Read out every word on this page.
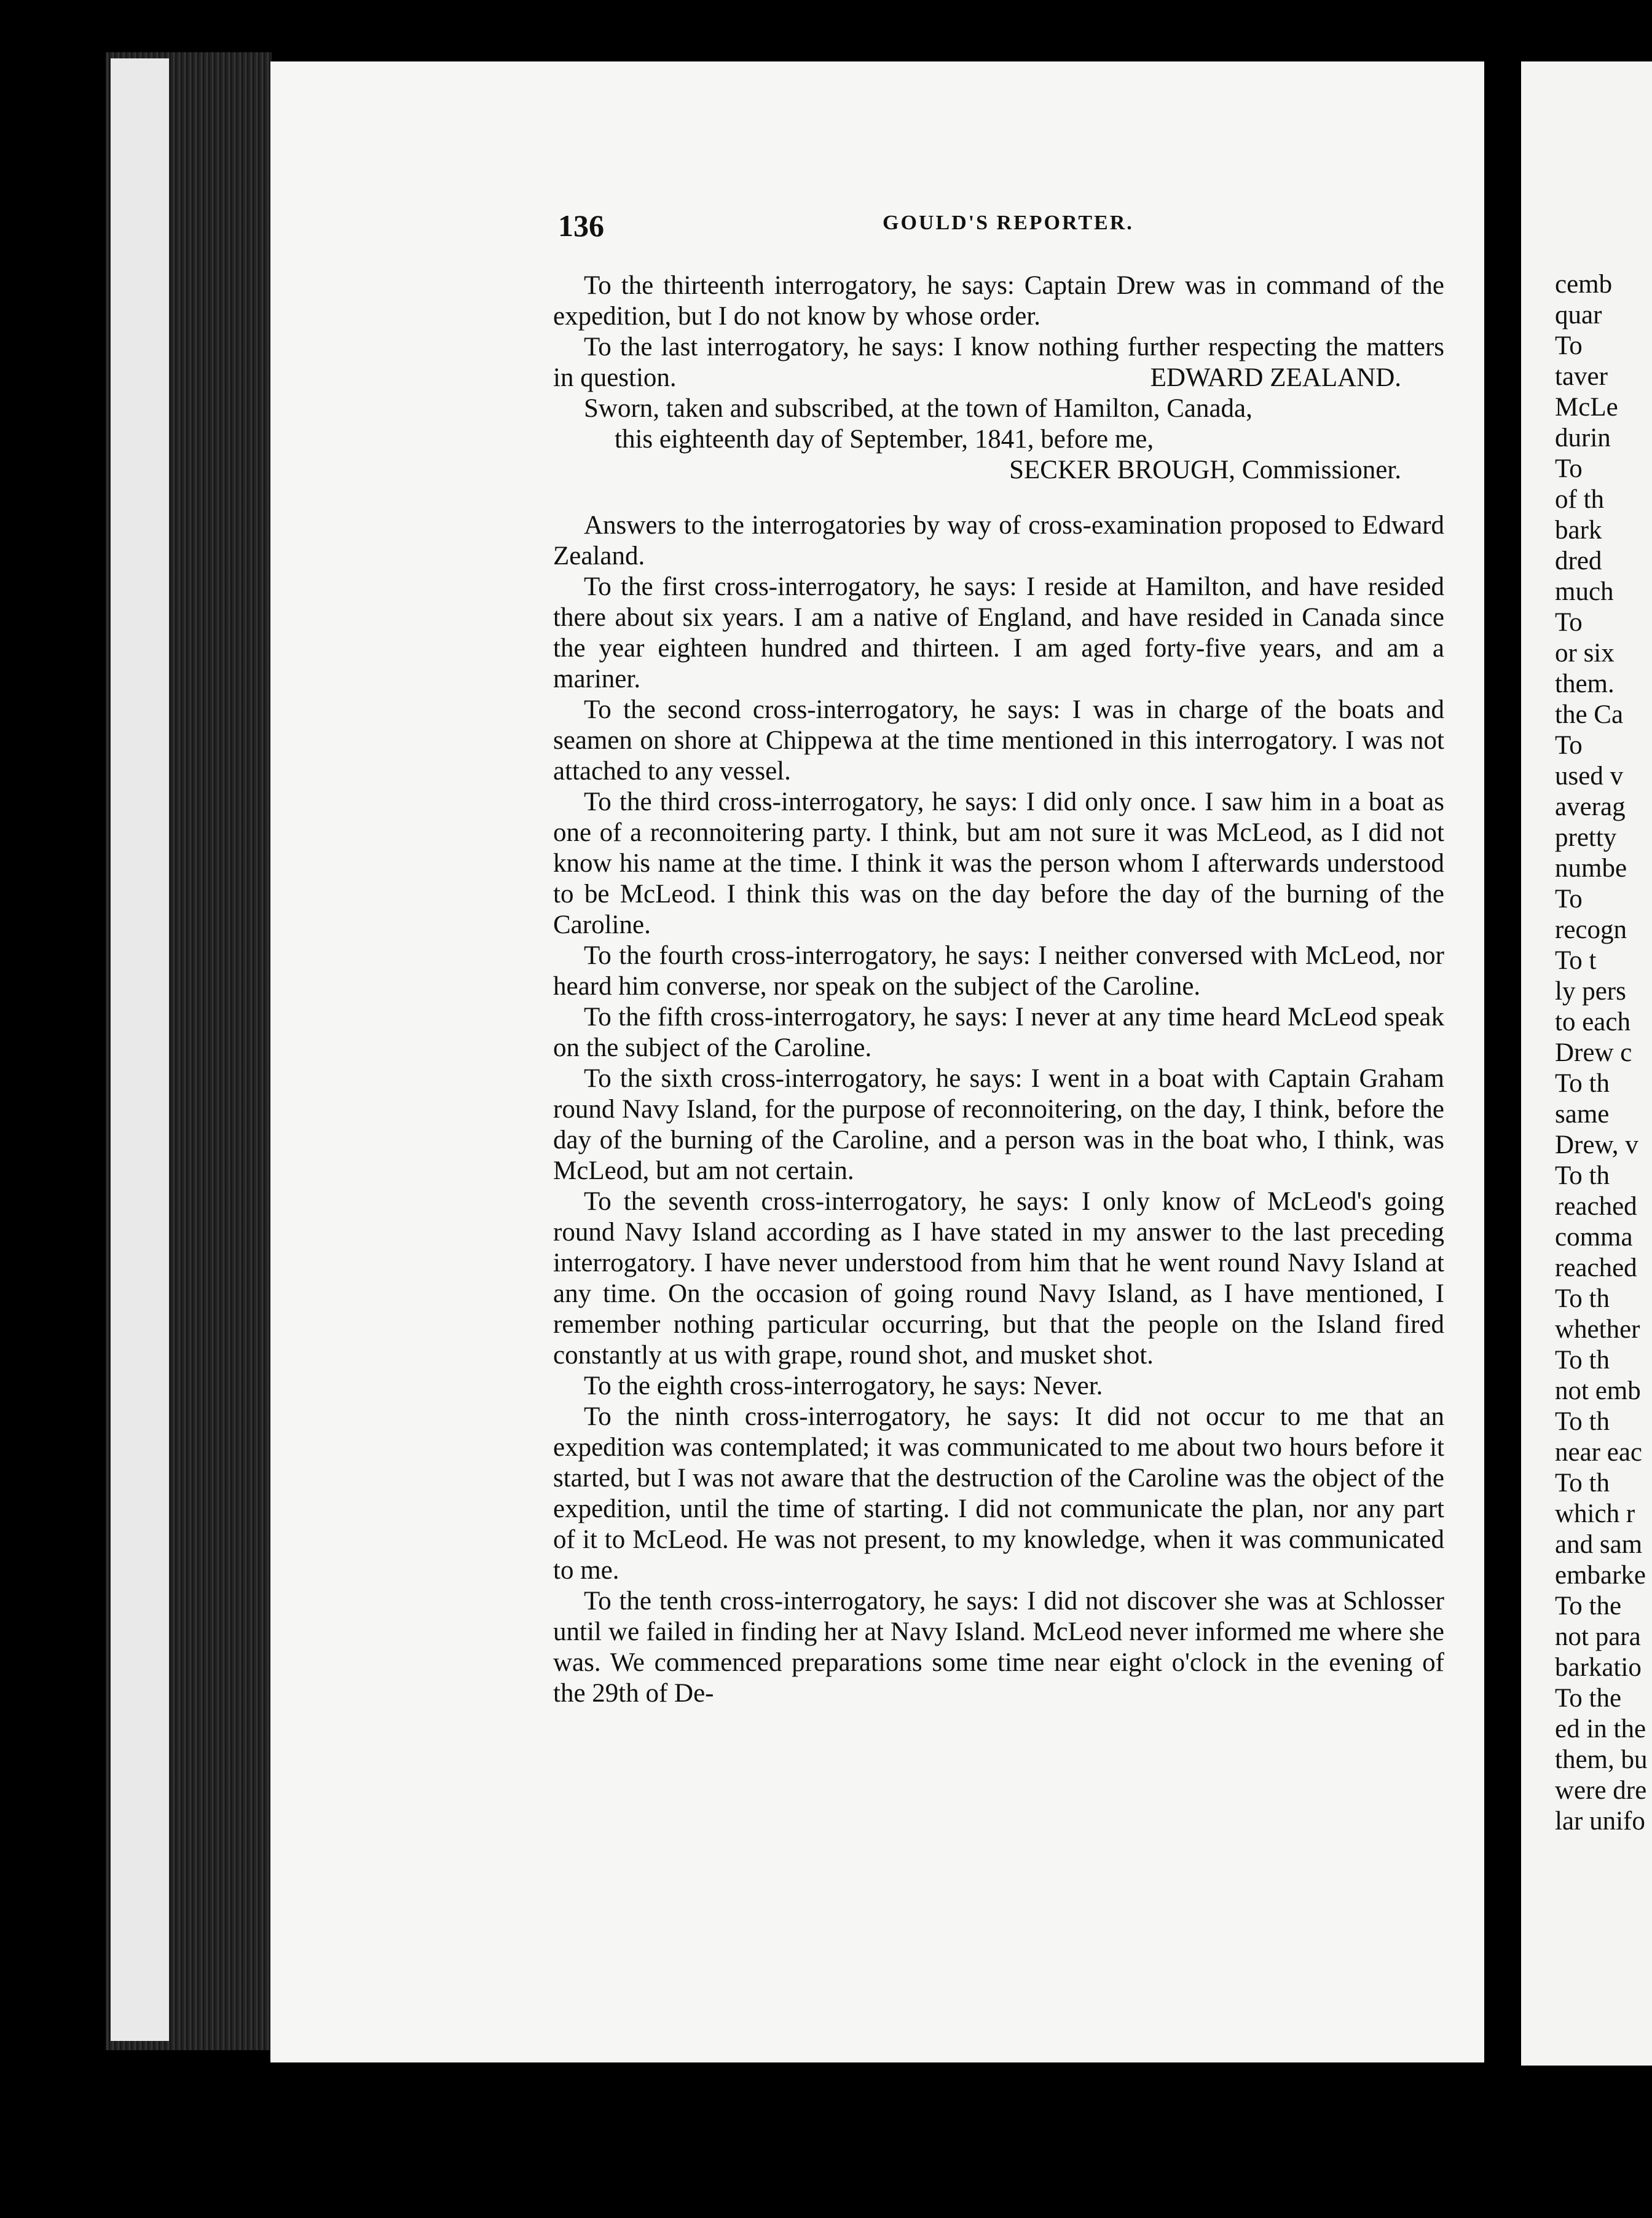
cemb
quar
To
taver
McLe
durin
To
of th
bark
dred
much
To
or six
them.
the Ca
To
used v
averag
pretty
numbe
To
recogn
To t
ly pers
to each
Drew c
To th
same
Drew, v
To th
reached
comma
reached
To th
whether
To th
not emb
To th
near eac
To th
which r
and sam
embarke
To the
not para
barkatio
To the
ed in the
them, bu
were dre
lar unifo
136	GOULD'S REPORTER.

To the thirteenth interrogatory, he says: Captain Drew was in command of the expedition, but I do not know by whose order.

To the last interrogatory, he says: I know nothing further respecting the matters in question.	EDWARD ZEALAND.

Sworn, taken and subscribed, at the town of Hamilton, Canada,

this eighteenth day of September, 1841, before me,

SECKER BROUGH, Commissioner.

Answers to the interrogatories by way of cross-examination proposed to Edward Zealand.

To the first cross-interrogatory, he says: I reside at Hamilton, and have resided there about six years. I am a native of England, and have resided in Canada since the year eighteen hundred and thirteen. I am aged forty-five years, and am a mariner.

To the second cross-interrogatory, he says: I was in charge of the boats and seamen on shore at Chippewa at the time mentioned in this interrogatory. I was not attached to any vessel.

To the third cross-interrogatory, he says: I did only once. I saw him in a boat as one of a reconnoitering party. I think, but am not sure it was McLeod, as I did not know his name at the time. I think it was the person whom I afterwards understood to be McLeod. I think this was on the day before the day of the burning of the Caroline.

To the fourth cross-interrogatory, he says: I neither conversed with McLeod, nor heard him converse, nor speak on the subject of the Caroline.

To the fifth cross-interrogatory, he says: I never at any time heard McLeod speak on the subject of the Caroline.

To the sixth cross-interrogatory, he says: I went in a boat with Captain Graham round Navy Island, for the purpose of reconnoitering, on the day, I think, before the day of the burning of the Caroline, and a person was in the boat who, I think, was McLeod, but am not certain.

To the seventh cross-interrogatory, he says: I only know of McLeod's going round Navy Island according as I have stated in my answer to the last preceding interrogatory. I have never understood from him that he went round Navy Island at any time. On the occasion of going round Navy Island, as I have mentioned, I remember nothing particular occurring, but that the people on the Island fired constantly at us with grape, round shot, and musket shot.

To the eighth cross-interrogatory, he says: Never.

To the ninth cross-interrogatory, he says: It did not occur to me that an expedition was contemplated; it was communicated to me about two hours before it started, but I was not aware that the destruction of the Caroline was the object of the expedition, until the time of starting. I did not communicate the plan, nor any part of it to McLeod. He was not present, to my knowledge, when it was communicated to me.

To the tenth cross-interrogatory, he says: I did not discover she was at Schlosser until we failed in finding her at Navy Island. McLeod never informed me where she was. We commenced preparations some time near eight o'clock in the evening of the 29th of De-
